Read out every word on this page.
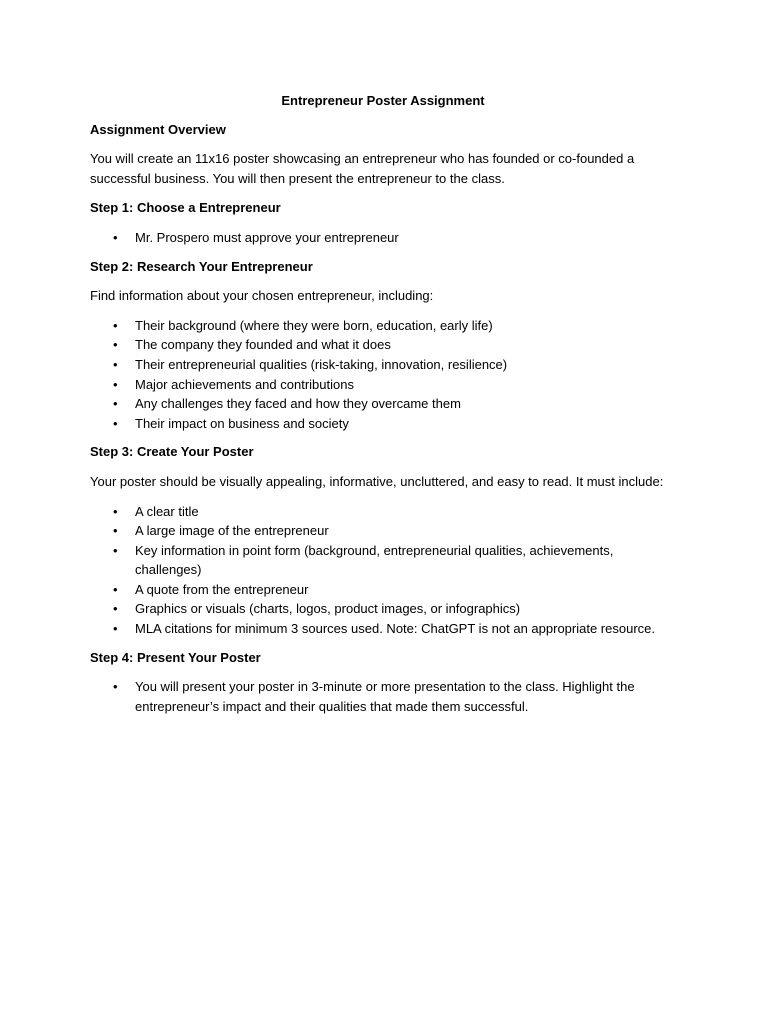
Entrepreneur Poster Assignment
Assignment Overview
You will create an 11x16 poster showcasing an entrepreneur who has founded or co-founded a successful business. You will then present the entrepreneur to the class.
Step 1: Choose a Entrepreneur
• Mr. Prospero must approve your entrepreneur
Step 2: Research Your Entrepreneur
Find information about your chosen entrepreneur, including:
• Their background (where they were born, education, early life)
• The company they founded and what it does
• Their entrepreneurial qualities (risk-taking, innovation, resilience)
• Major achievements and contributions
• Any challenges they faced and how they overcame them
• Their impact on business and society
Step 3: Create Your Poster
Your poster should be visually appealing, informative, uncluttered, and easy to read. It must include:
• A clear title
• A large image of the entrepreneur
• Key information in point form (background, entrepreneurial qualities, achievements, challenges)
• A quote from the entrepreneur
• Graphics or visuals (charts, logos, product images, or infographics)
• MLA citations for minimum 3 sources used. Note: ChatGPT is not an appropriate resource.
Step 4: Present Your Poster
• You will present your poster in 3-minute or more presentation to the class. Highlight the entrepreneur’s impact and their qualities that made them successful.
